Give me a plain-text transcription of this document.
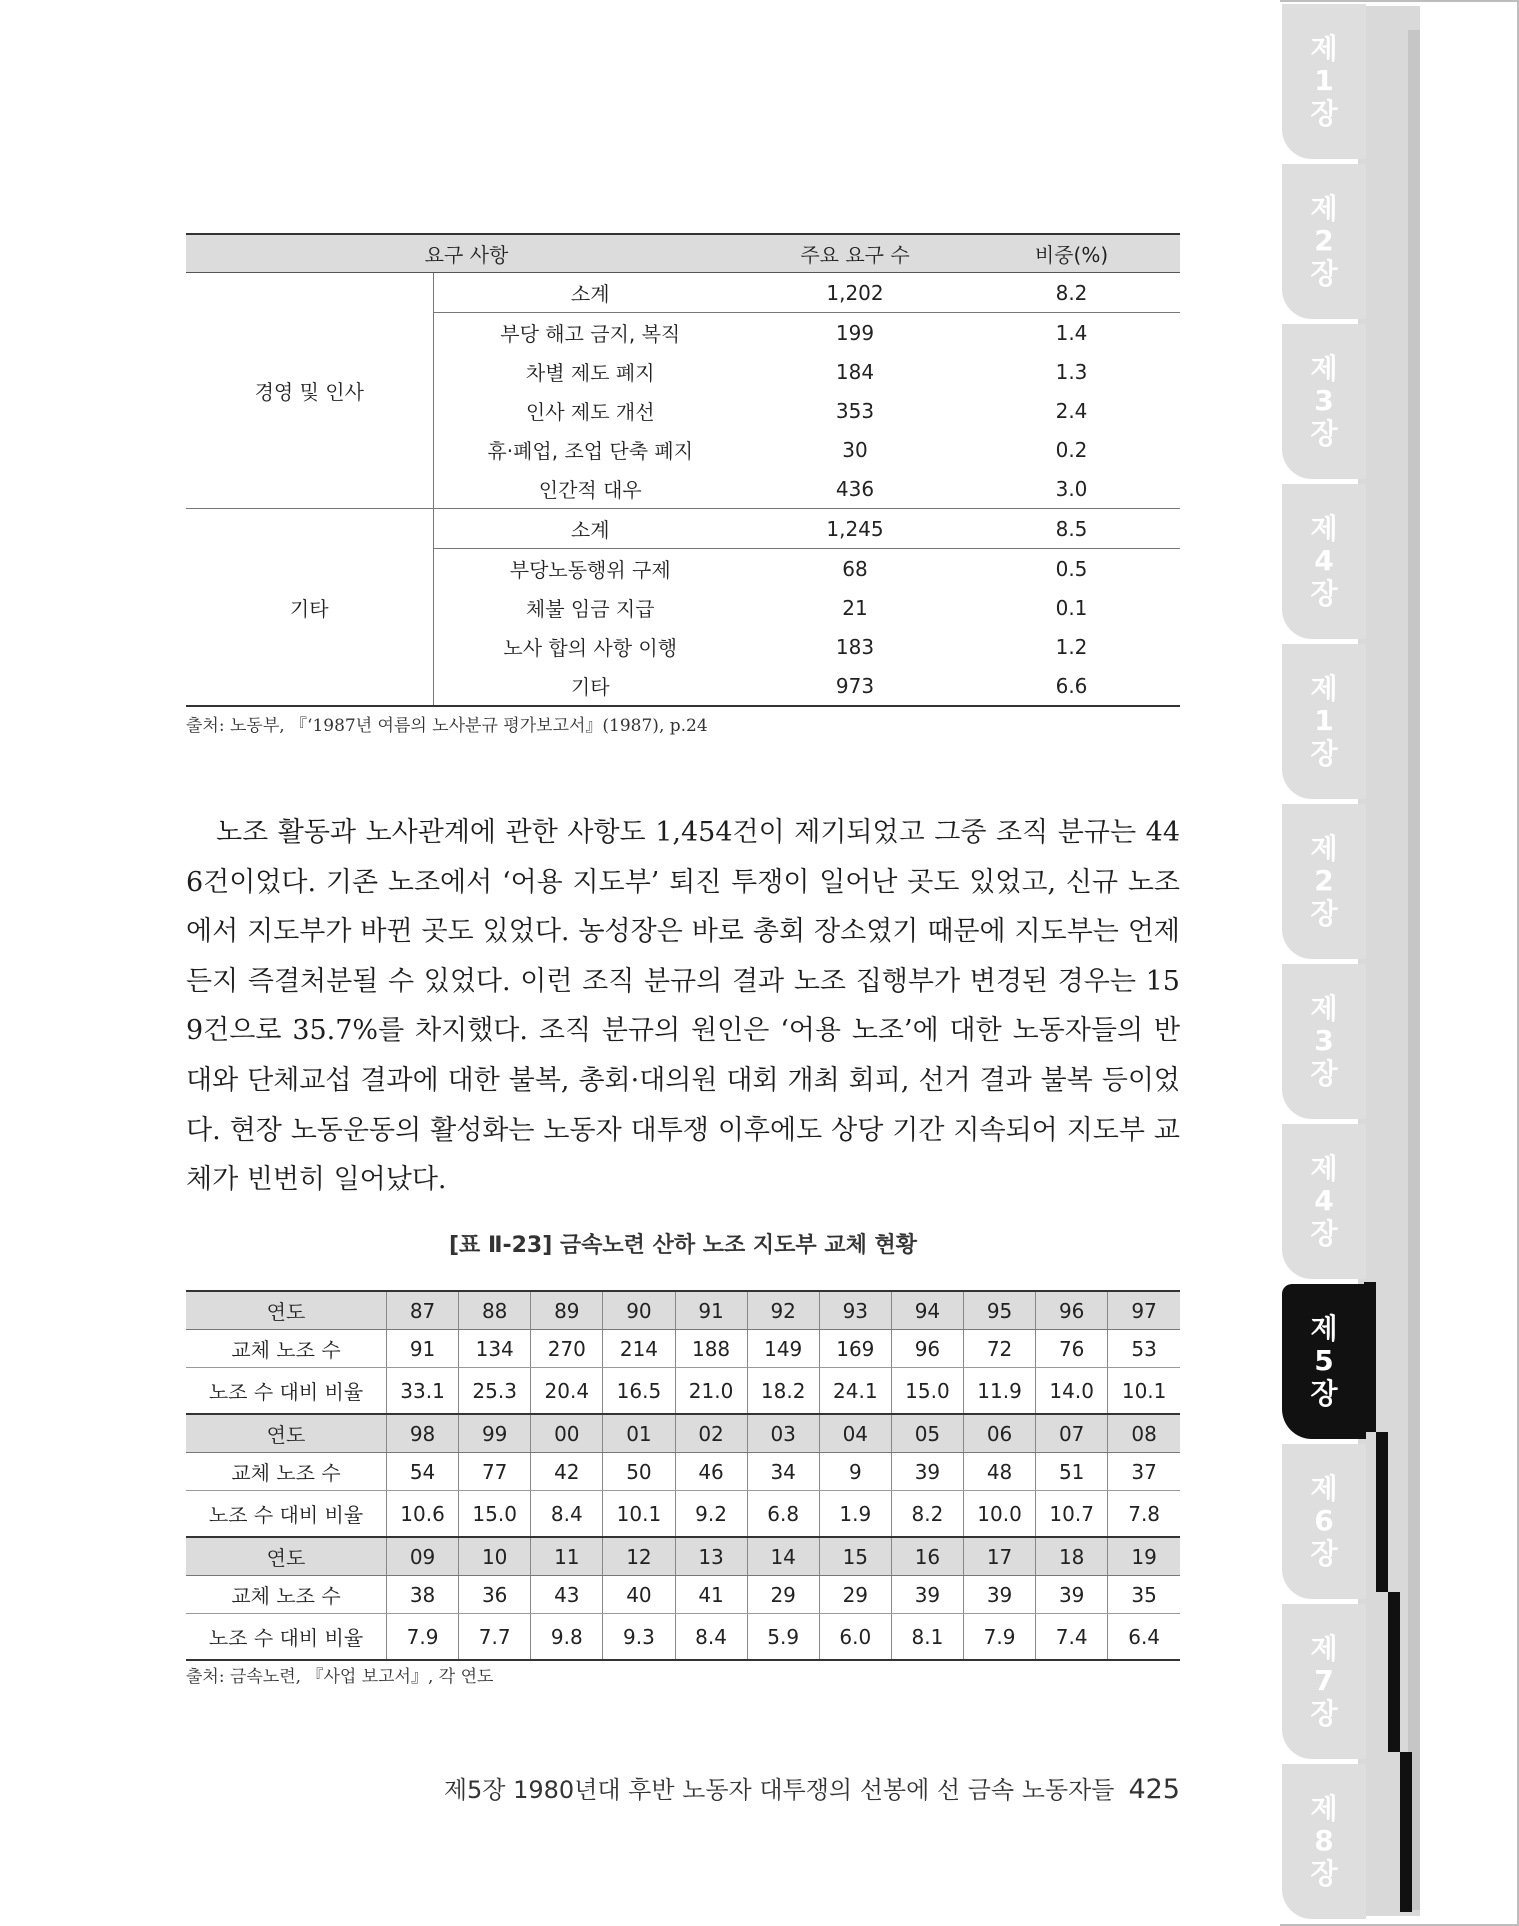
요구 사항		주요 요구 수	비중(%)
경영 및 인사	소계	1,202	8.2
	부당 해고 금지, 복직	199	1.4
	차별 제도 폐지	184	1.3
	인사 제도 개선	353	2.4
	휴·폐업, 조업 단축 폐지	30	0.2
	인간적 대우	436	3.0
기타	소계	1,245	8.5
	부당노동행위 구제	68	0.5
	체불 임금 지급	21	0.1
	노사 합의 사항 이행	183	1.2
	기타	973	6.6
출처: 노동부, 『‘1987년 여름의 노사분규 평가보고서』(1987), p.24

노조 활동과 노사관계에 관한 사항도 1,454건이 제기되었고 그중 조직 분규는 446건이었다. 기존 노조에서 ‘어용 지도부’ 퇴진 투쟁이 일어난 곳도 있었고, 신규 노조에서 지도부가 바뀐 곳도 있었다. 농성장은 바로 총회 장소였기 때문에 지도부는 언제든지 즉결처분될 수 있었다. 이런 조직 분규의 결과 노조 집행부가 변경된 경우는 159건으로 35.7%를 차지했다. 조직 분규의 원인은 ‘어용 노조’에 대한 노동자들의 반대와 단체교섭 결과에 대한 불복, 총회·대의원 대회 개최 회피, 선거 결과 불복 등이었다. 현장 노동운동의 활성화는 노동자 대투쟁 이후에도 상당 기간 지속되어 지도부 교체가 빈번히 일어났다.

[표 Ⅱ-23] 금속노련 산하 노조 지도부 교체 현황
연도	87	88	89	90	91	92	93	94	95	96	97
교체 노조 수	91	134	270	214	188	149	169	96	72	76	53
노조 수 대비 비율	33.1	25.3	20.4	16.5	21.0	18.2	24.1	15.0	11.9	14.0	10.1
연도	98	99	00	01	02	03	04	05	06	07	08
교체 노조 수	54	77	42	50	46	34	9	39	48	51	37
노조 수 대비 비율	10.6	15.0	8.4	10.1	9.2	6.8	1.9	8.2	10.0	10.7	7.8
연도	09	10	11	12	13	14	15	16	17	18	19
교체 노조 수	38	36	43	40	41	29	29	39	39	39	35
노조 수 대비 비율	7.9	7.7	9.8	9.3	8.4	5.9	6.0	8.1	7.9	7.4	6.4
출처: 금속노련, 『사업 보고서』, 각 연도
제5장 1980년대 후반 노동자 대투쟁의 선봉에 선 금속 노동자들 425
제
1
장
제
2
장
제
3
장
제
4
장
제
1
장
제
2
장
제
3
장
제
4
장
제
5
장
제
6
장
제
7
장
제
8
장
